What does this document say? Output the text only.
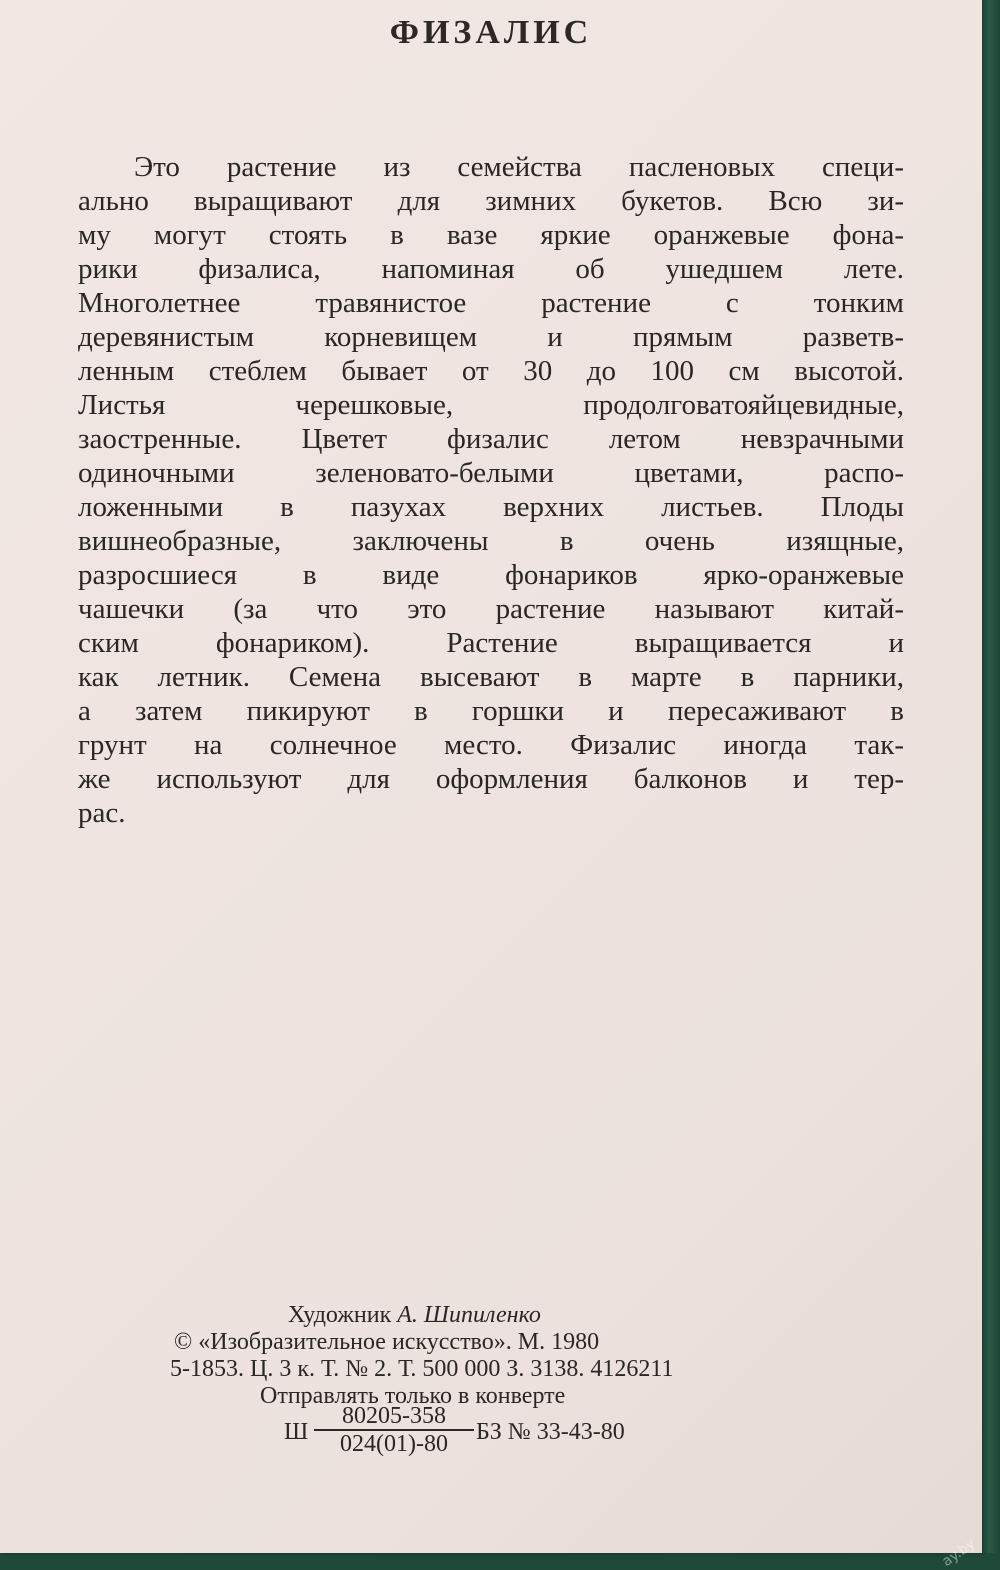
ФИЗАЛИС
Это растение из семейства пасленовых специ-
ально выращивают для зимних букетов. Всю зи-
му могут стоять в вазе яркие оранжевые фона-
рики физалиса, напоминая об ушедшем лете.
Многолетнее травянистое растение с тонким
деревянистым корневищем и прямым разветв-
ленным стеблем бывает от 30 до 100 см высотой.
Листья черешковые, продолговатояйцевидные,
заостренные. Цветет физалис летом невзрачными
одиночными зеленовато-белыми цветами, распо-
ложенными в пазухах верхних листьев. Плоды
вишнеобразные, заключены в очень изящные,
разросшиеся в виде фонариков ярко-оранжевые
чашечки (за что это растение называют китай-
ским фонариком). Растение выращивается и
как летник. Семена высевают в марте в парники,
а затем пикируют в горшки и пересаживают в
грунт на солнечное место. Физалис иногда так-
же используют для оформления балконов и тер-
рас.
Художник А. Шипиленко
© «Изобразительное искусство». М. 1980
5-1853. Ц. 3 к. Т. № 2. Т. 500 000 З. 3138. 4126211
Отправлять только в конверте
Ш
80205-358
024(01)-80	БЗ № 33-43-80
ay.by
